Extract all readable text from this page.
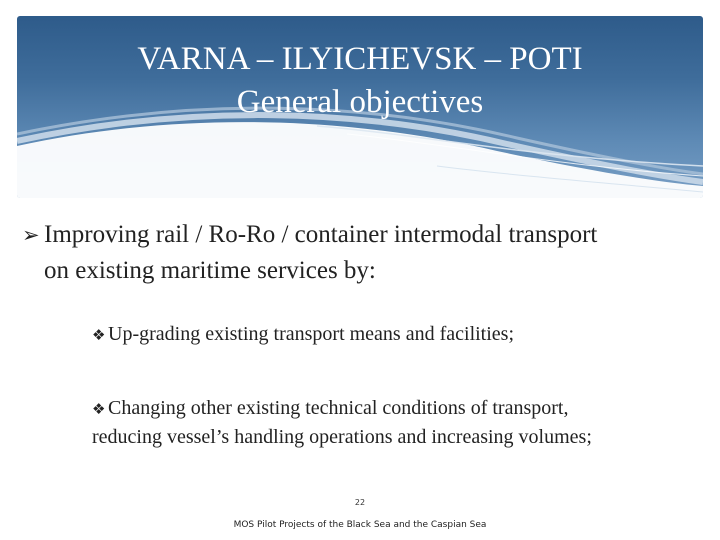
VARNA – ILYICHEVSK – POTI
General objectives
➢ Improving rail / Ro-Ro / container intermodal transport
on existing maritime services by:
❖ Up-grading existing transport means and facilities;
❖ Changing other existing technical conditions of transport,
reducing vessel’s handling operations and increasing volumes;
22
MOS Pilot Projects of the Black Sea and the Caspian Sea
